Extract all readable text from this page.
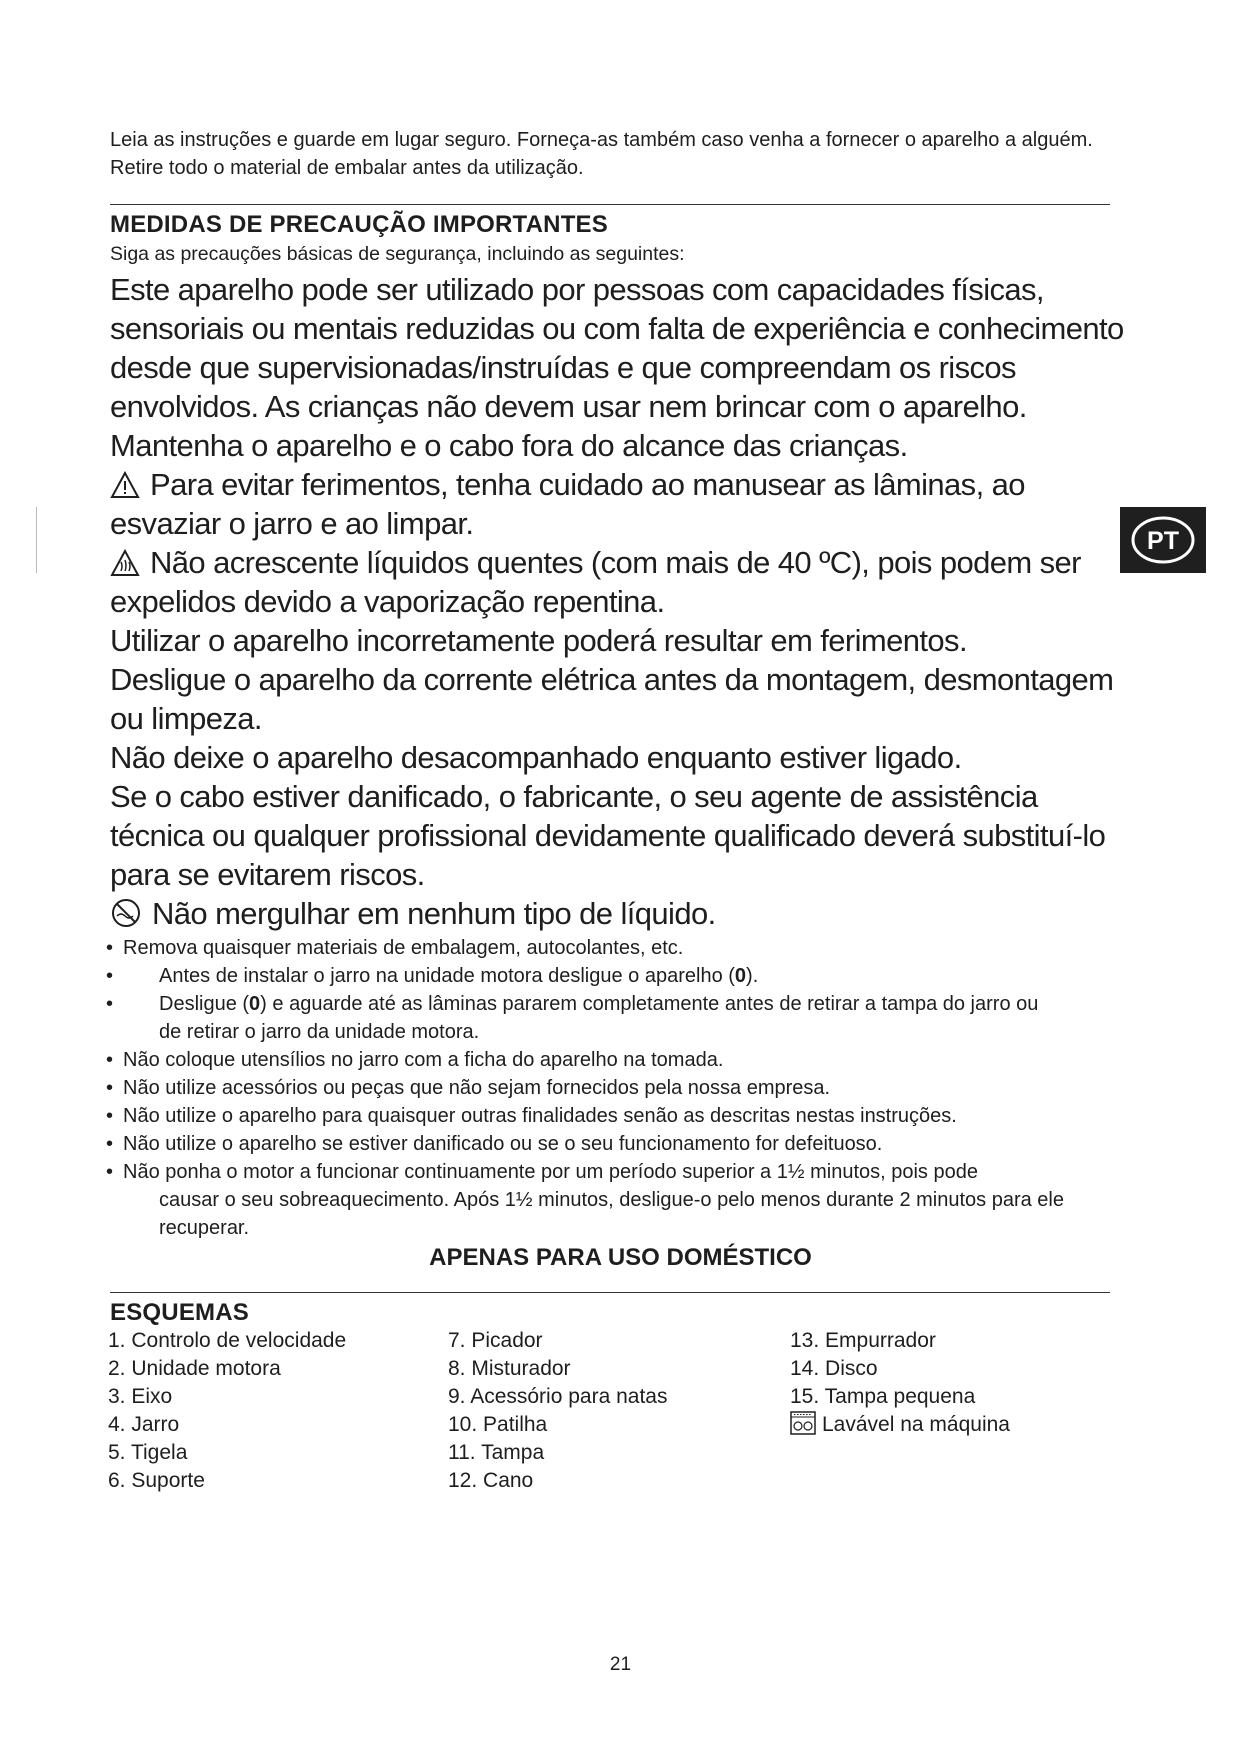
Leia as instruções e guarde em lugar seguro. Forneça-as também caso venha a fornecer o aparelho a alguém. Retire todo o material de embalar antes da utilização.
MEDIDAS DE PRECAUÇÃO IMPORTANTES
Siga as precauções básicas de segurança, incluindo as seguintes:

Este aparelho pode ser utilizado por pessoas com capacidades físicas, sensoriais ou mentais reduzidas ou com falta de experiência e conhecimento desde que supervisionadas/instruídas e que compreendam os riscos envolvidos. As crianças não devem usar nem brincar com o aparelho. Mantenha o aparelho e o cabo fora do alcance das crianças.

Para evitar ferimentos, tenha cuidado ao manusear as lâminas, ao esvaziar o jarro e ao limpar.

Não acrescente líquidos quentes (com mais de 40 ºC), pois podem ser expelidos devido a vaporização repentina.

Utilizar o aparelho incorretamente poderá resultar em ferimentos.

Desligue o aparelho da corrente elétrica antes da montagem, desmontagem ou limpeza.

Não deixe o aparelho desacompanhado enquanto estiver ligado.

Se o cabo estiver danificado, o fabricante, o seu agente de assistência técnica ou qualquer profissional devidamente qualificado deverá substituí-lo para se evitarem riscos.

Não mergulhar em nenhum tipo de líquido.

• Remova quaisquer materiais de embalagem, autocolantes, etc.
• Antes de instalar o jarro na unidade motora desligue o aparelho (0).
• Desligue (0) e aguarde até as lâminas pararem completamente antes de retirar a tampa do jarro ou
de retirar o jarro da unidade motora.
• Não coloque utensílios no jarro com a ficha do aparelho na tomada.
• Não utilize acessórios ou peças que não sejam fornecidos pela nossa empresa.
• Não utilize o aparelho para quaisquer outras finalidades senão as descritas nestas instruções.
• Não utilize o aparelho se estiver danificado ou se o seu funcionamento for defeituoso.
• Não ponha o motor a funcionar continuamente por um período superior a 1½ minutos, pois pode
causar o seu sobreaquecimento. Após 1½ minutos, desligue-o pelo menos durante 2 minutos para ele recuperar.
APENAS PARA USO DOMÉSTICO
ESQUEMAS
1. Controlo de velocidade
2. Unidade motora
3. Eixo
4. Jarro
5. Tigela
6. Suporte
7. Picador
8. Misturador
9. Acessório para natas
10. Patilha
11. Tampa
12. Cano
13. Empurrador
14. Disco
15. Tampa pequena
Lavável na máquina
PT
21
